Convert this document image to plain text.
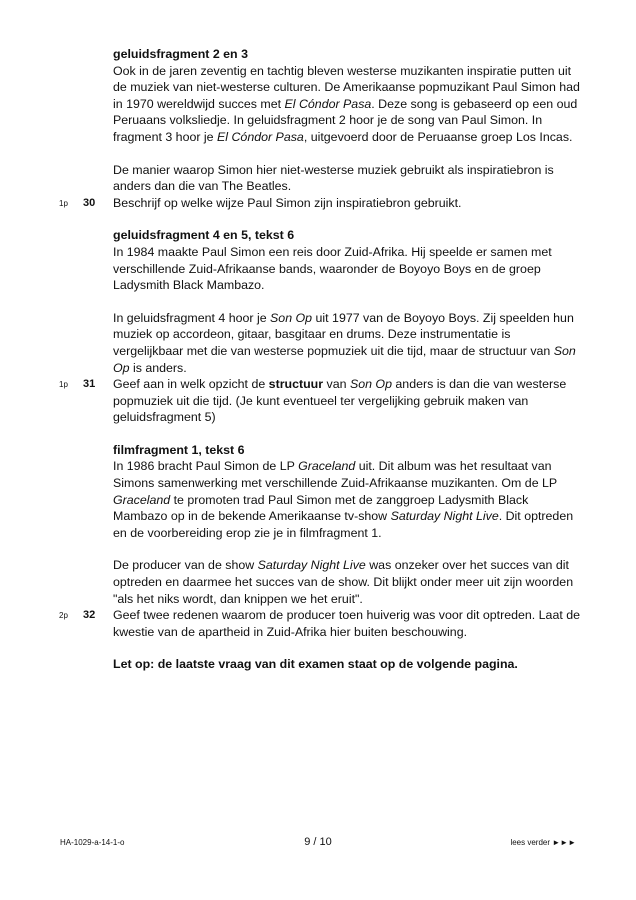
geluidsfragment 2 en 3
Ook in de jaren zeventig en tachtig bleven westerse muzikanten inspiratie putten uit de muziek van niet-westerse culturen. De Amerikaanse popmuzikant Paul Simon had in 1970 wereldwijd succes met El Cóndor Pasa. Deze song is gebaseerd op een oud Peruaans volksliedje. In geluidsfragment 2 hoor je de song van Paul Simon. In fragment 3 hoor je El Cóndor Pasa, uitgevoerd door de Peruaanse groep Los Incas.
De manier waarop Simon hier niet-westerse muziek gebruikt als inspiratiebron is anders dan die van The Beatles.
1p 30 Beschrijf op welke wijze Paul Simon zijn inspiratiebron gebruikt.
geluidsfragment 4 en 5, tekst 6
In 1984 maakte Paul Simon een reis door Zuid-Afrika. Hij speelde er samen met verschillende Zuid-Afrikaanse bands, waaronder de Boyoyo Boys en de groep Ladysmith Black Mambazo.
In geluidsfragment 4 hoor je Son Op uit 1977 van de Boyoyo Boys. Zij speelden hun muziek op accordeon, gitaar, basgitaar en drums. Deze instrumentatie is vergelijkbaar met die van westerse popmuziek uit die tijd, maar de structuur van Son Op is anders.
1p 31 Geef aan in welk opzicht de structuur van Son Op anders is dan die van westerse popmuziek uit die tijd. (Je kunt eventueel ter vergelijking gebruik maken van geluidsfragment 5)
filmfragment 1, tekst 6
In 1986 bracht Paul Simon de LP Graceland uit. Dit album was het resultaat van Simons samenwerking met verschillende Zuid-Afrikaanse muzikanten. Om de LP Graceland te promoten trad Paul Simon met de zanggroep Ladysmith Black Mambazo op in de bekende Amerikaanse tv-show Saturday Night Live. Dit optreden en de voorbereiding erop zie je in filmfragment 1.
De producer van de show Saturday Night Live was onzeker over het succes van dit optreden en daarmee het succes van de show. Dit blijkt onder meer uit zijn woorden "als het niks wordt, dan knippen we het eruit".
2p 32 Geef twee redenen waarom de producer toen huiverig was voor dit optreden. Laat de kwestie van de apartheid in Zuid-Afrika hier buiten beschouwing.
Let op: de laatste vraag van dit examen staat op de volgende pagina.
HA-1029-a-14-1-o	9 / 10	lees verder ►►►
